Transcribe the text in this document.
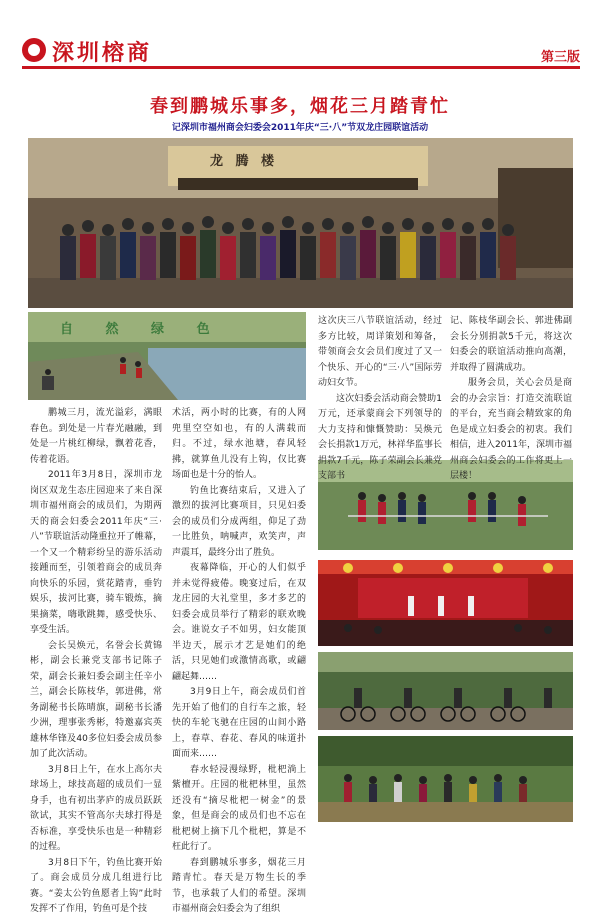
深圳榕商	第三版
春到鹏城乐事多，烟花三月踏青忙
记深圳市福州商会妇委会2011年庆“三·八”节双龙庄园联谊活动
龙 腾 楼
自 然 绿 色

鹏城三月，流光溢彩，满眼春色。到处是一片春光融融，到处是一片桃红柳绿，飘着花香，传着花语。

2011年3月8日，深圳市龙岗区双龙生态庄园迎来了来自深圳市福州商会的成员们，为期两天的商会妇委会2011年庆“三·八”节联谊活动隆重拉开了帷幕，一个又一个精彩纷呈的游乐活动接踵而至，引领着商会的成员奔向快乐的乐园，赏花踏青，垂钓娱乐，拔河比赛，骑车锻炼，摘果摘菜，嗨歌跳舞，感受快乐、享受生活。

会长吴焕元，名誉会长黄锦彬，副会长兼党支部书记陈子荣，副会长兼妇委会副主任辛小兰，副会长陈枝华，郭进佛，常务副秘书长陈晴旗，副秘书长潘少洲，理事张秀彬，特邀嘉宾英雄林华锋及40多位妇委会成员参加了此次活动。

3月8日上午，在水上高尔夫球场上，球技高超的成员们一显身手，也有初出茅庐的成员跃跃欲试，其实不管高尔夫球打得是否标准，享受快乐也是一种精彩的过程。

3月8日下午，钓鱼比赛开始了。商会成员分成几组进行比赛。“姜太公钓鱼愿者上钩”此时发挥不了作用，钓鱼可是个技

术活，两小时的比赛，有的人网兜里空空如也，有的人满载而归。不过，绿水池塘，春风轻拂，就算鱼儿没有上钩，仅比赛场面也是十分的怡人。

钓鱼比赛结束后，又进入了激烈的拔河比赛项目，只见妇委会的成员们分成两组，仰足了劲一比胜负，呐喊声，欢笑声，声声震耳，最终分出了胜负。

夜幕降临，开心的人们似乎并未觉得疲倦。晚宴过后，在双龙庄园的大礼堂里，多才多艺的妇委会成员举行了精彩的联欢晚会。谁说女子不如男，妇女能顶半边天，展示才艺是她们的绝活，只见她们或激情高歌，或翩翩起舞……

3月9日上午，商会成员们首先开始了他们的自行车之旅，轻快的车轮飞驰在庄园的山间小路上，春草、春花、春风的味道扑面而来……

春水轻浸漫绿野，枇杷淌上紫檀开。庄园的枇杷林里，虽然还没有“摘尽枇杷一树金”的景象，但是商会的成员们也不忘在枇杷树上摘下几个枇杷，算是不枉此行了。

春到鹏城乐事多，烟花三月踏青忙。春天是万物生长的季节，也承载了人们的希望。深圳市福州商会妇委会为了组织

这次庆三八节联谊活动，经过多方比较，周详策划和筹备，带领商会女会员们度过了又一个快乐、开心的“三·八”国际劳动妇女节。

这次妇委会活动商会赞助1万元，还承蒙商会下列领导的大力支持和慷慨赞助：吴焕元会长捐款1万元，林祥华监事长捐款7千元，陈子荣副会长兼党支部书

记、陈枝华副会长、郭进佛副会长分别捐款5千元，将这次妇委会的联谊活动推向高潮，并取得了圆满成功。

服务会员，关心会员是商会的办会宗旨：打造交流联谊的平台，充当商会精致家的角色是成立妇委会的初衷。我们相信，进入2011年，深圳市福州商会妇委会的工作将更上一层楼！
